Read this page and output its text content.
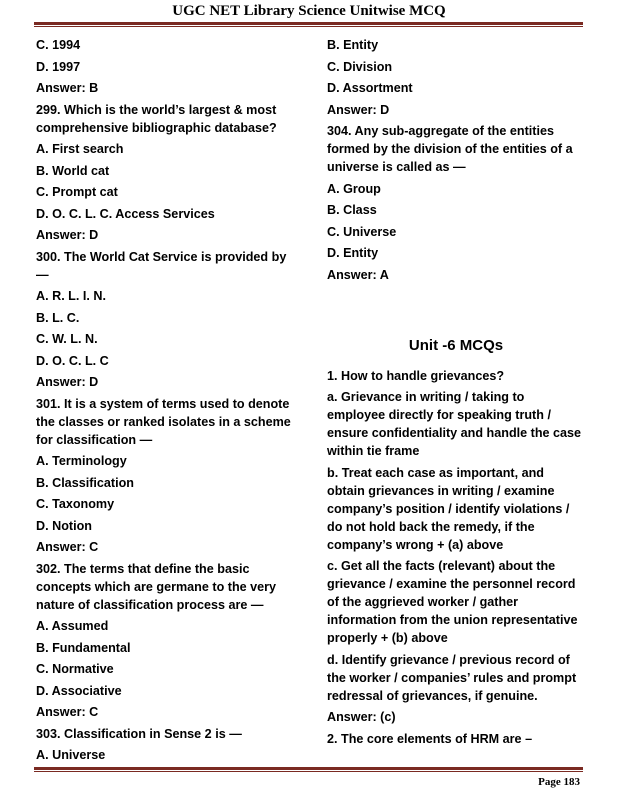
UGC NET Library Science Unitwise MCQ
C. 1994
D. 1997
Answer: B
299. Which is the world’s largest & most comprehensive bibliographic database?
A. First search
B. World cat
C. Prompt cat
D. O. C. L. C. Access Services
Answer: D
300. The World Cat Service is provided by —
A. R. L. I. N.
B. L. C.
C. W. L. N.
D. O. C. L. C
Answer: D
301. It is a system of terms used to denote the classes or ranked isolates in a scheme for classification —
A. Terminology
B. Classification
C. Taxonomy
D. Notion
Answer: C
302. The terms that define the basic concepts which are germane to the very nature of classification process are —
A. Assumed
B. Fundamental
C. Normative
D. Associative
Answer: C
303. Classification in Sense 2 is —
A. Universe
B. Entity
C. Division
D. Assortment
Answer: D
304. Any sub-aggregate of the entities formed by the division of the entities of a universe is called as —
A. Group
B. Class
C. Universe
D. Entity
Answer: A
Unit -6 MCQs
1. How to handle grievances?
a. Grievance in writing / taking to employee directly for speaking truth / ensure confidentiality and handle the case within tie frame
b. Treat each case as important, and obtain grievances in writing / examine company’s position / identify violations / do not hold back the remedy, if the company’s wrong + (a) above
c. Get all the facts (relevant) about the grievance / examine the personnel record of the aggrieved worker / gather information from the union representative properly + (b) above
d. Identify grievance / previous record of the worker / companies’ rules and prompt redressal of grievances, if genuine.
Answer: (c)
2. The core elements of HRM are –
Page 183
